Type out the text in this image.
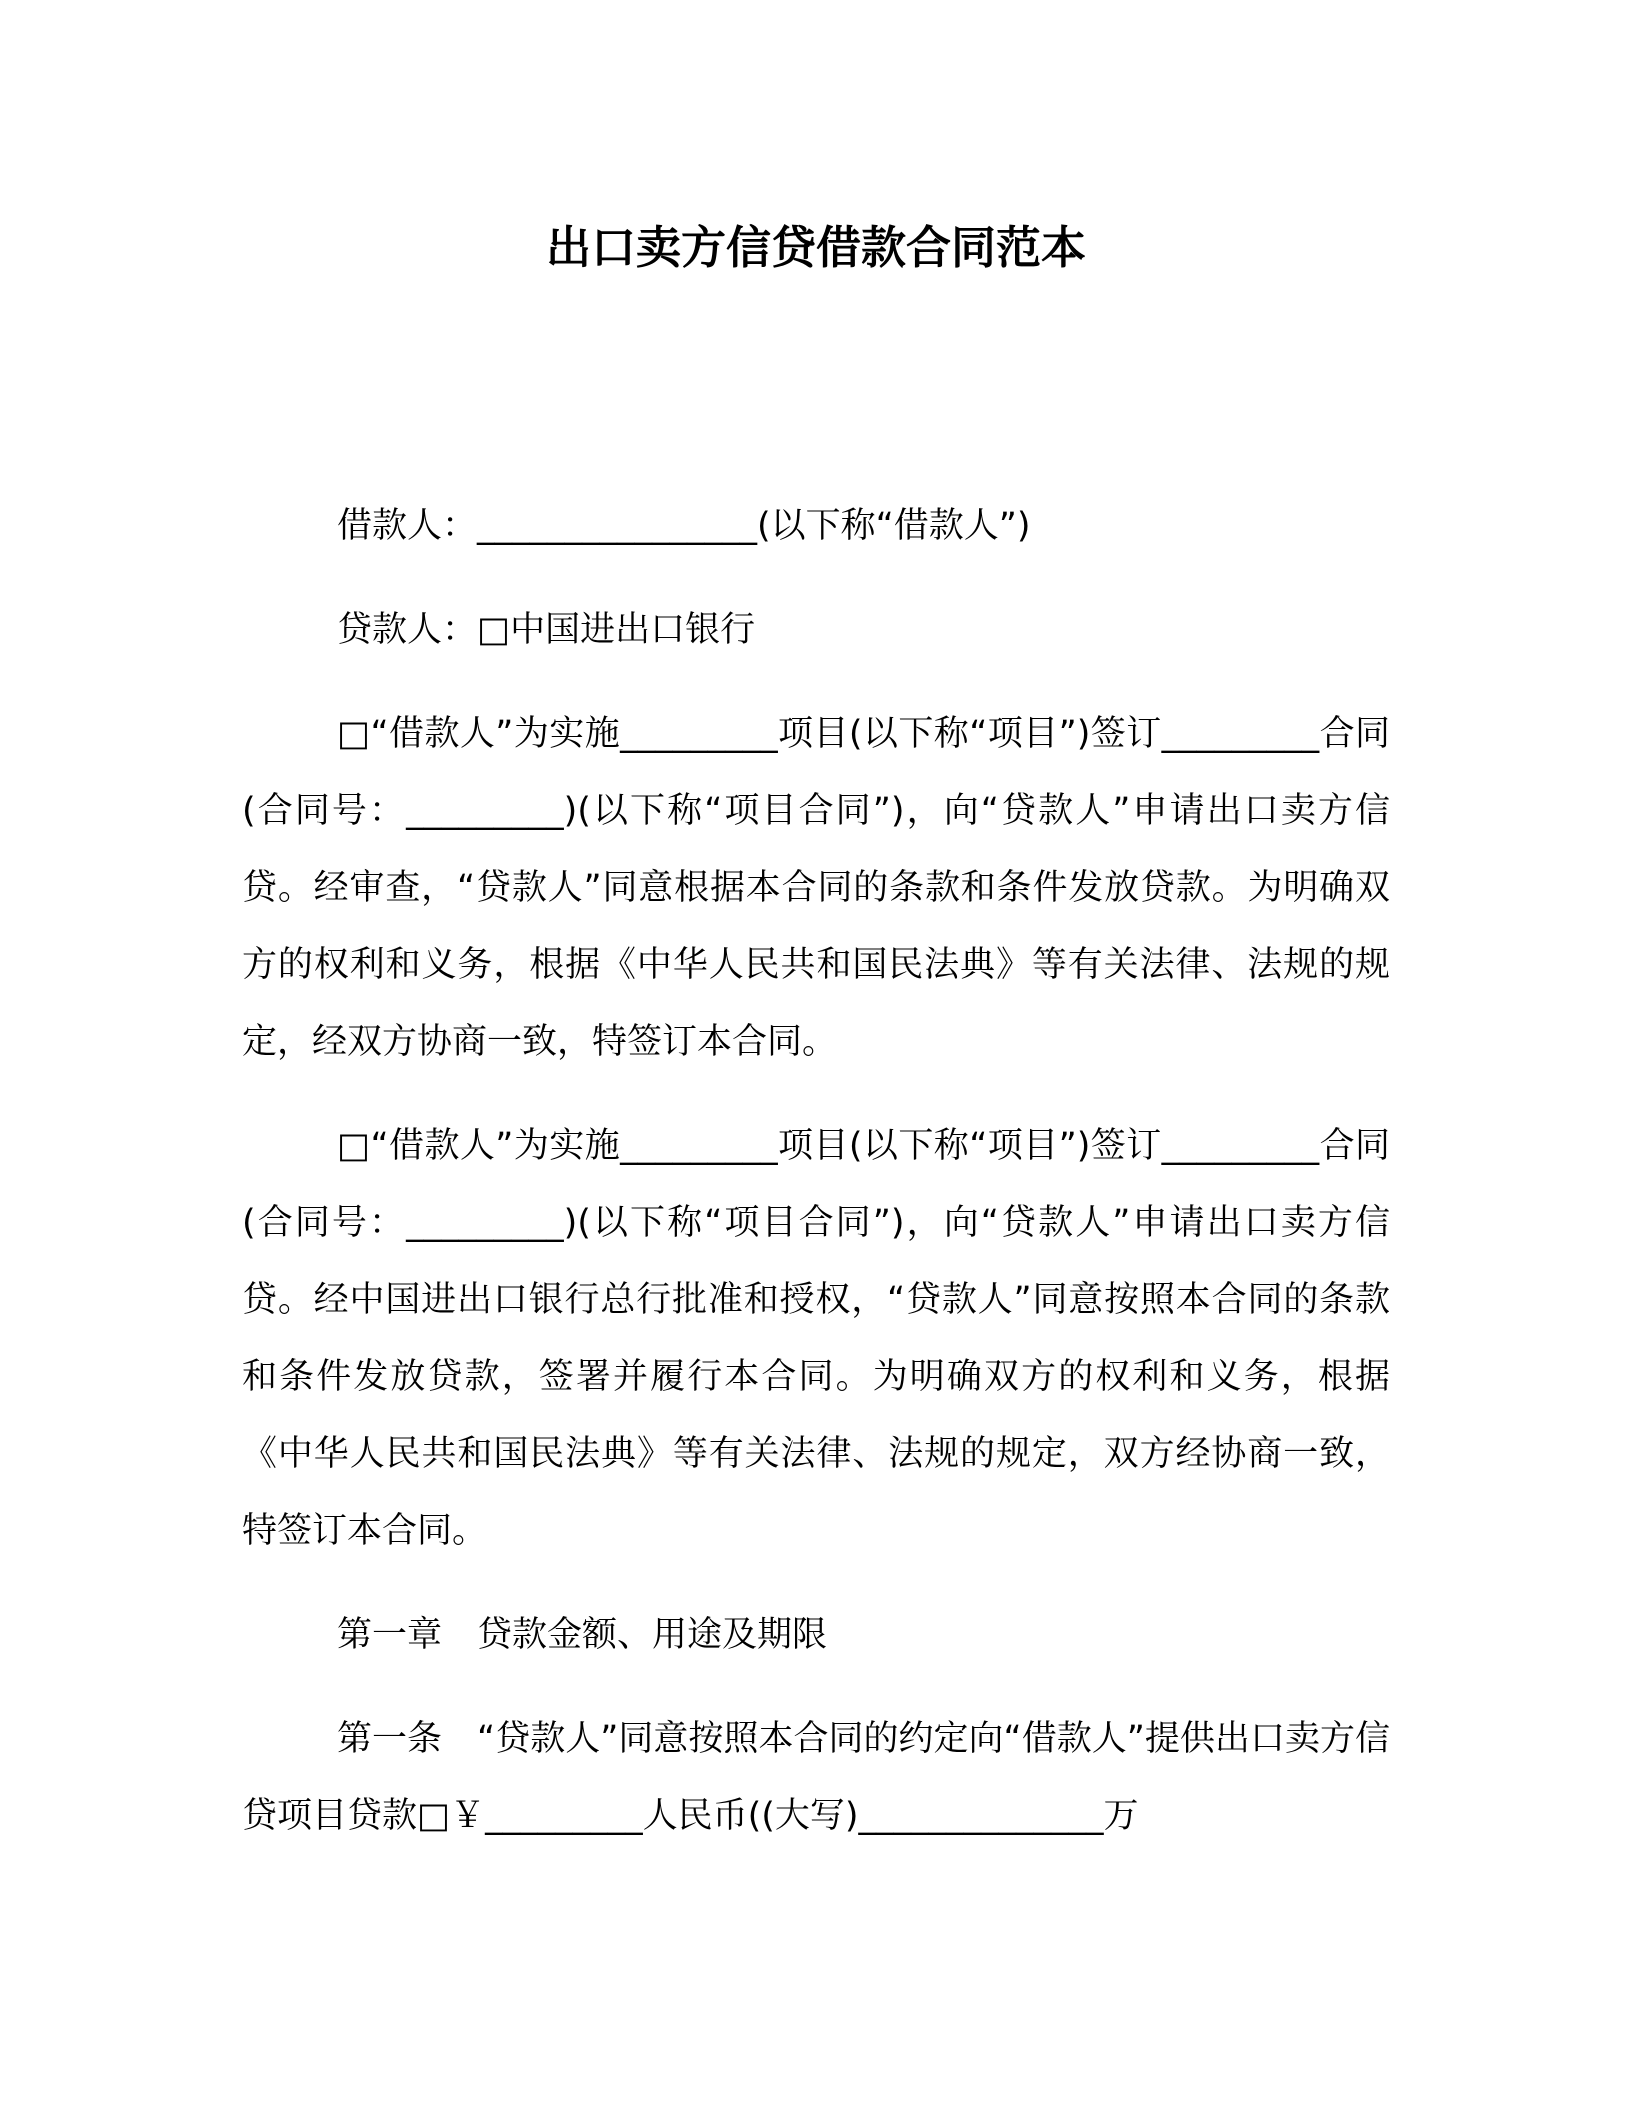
出口卖方信贷借款合同范本

借款人：________________(以下称“借款人”)

贷款人：□中国进出口银行

□“借款人”为实施_________项目(以下称“项目”)签订_________合同(合同号：_________)(以下称“项目合同”)，向“贷款人”申请出口卖方信贷。经审查，“贷款人”同意根据本合同的条款和条件发放贷款。为明确双方的权利和义务，根据《中华人民共和国民法典》等有关法律、法规的规定，经双方协商一致，特签订本合同。

□“借款人”为实施_________项目(以下称“项目”)签订_________合同(合同号：_________)(以下称“项目合同”)，向“贷款人”申请出口卖方信贷。经中国进出口银行总行批准和授权，“贷款人”同意按照本合同的条款和条件发放贷款，签署并履行本合同。为明确双方的权利和义务，根据《中华人民共和国民法典》等有关法律、法规的规定，双方经协商一致，特签订本合同。

第一章　贷款金额、用途及期限

第一条　“贷款人”同意按照本合同的约定向“借款人”提供出口卖方信贷项目贷款□￥_________人民币((大写)______________万
